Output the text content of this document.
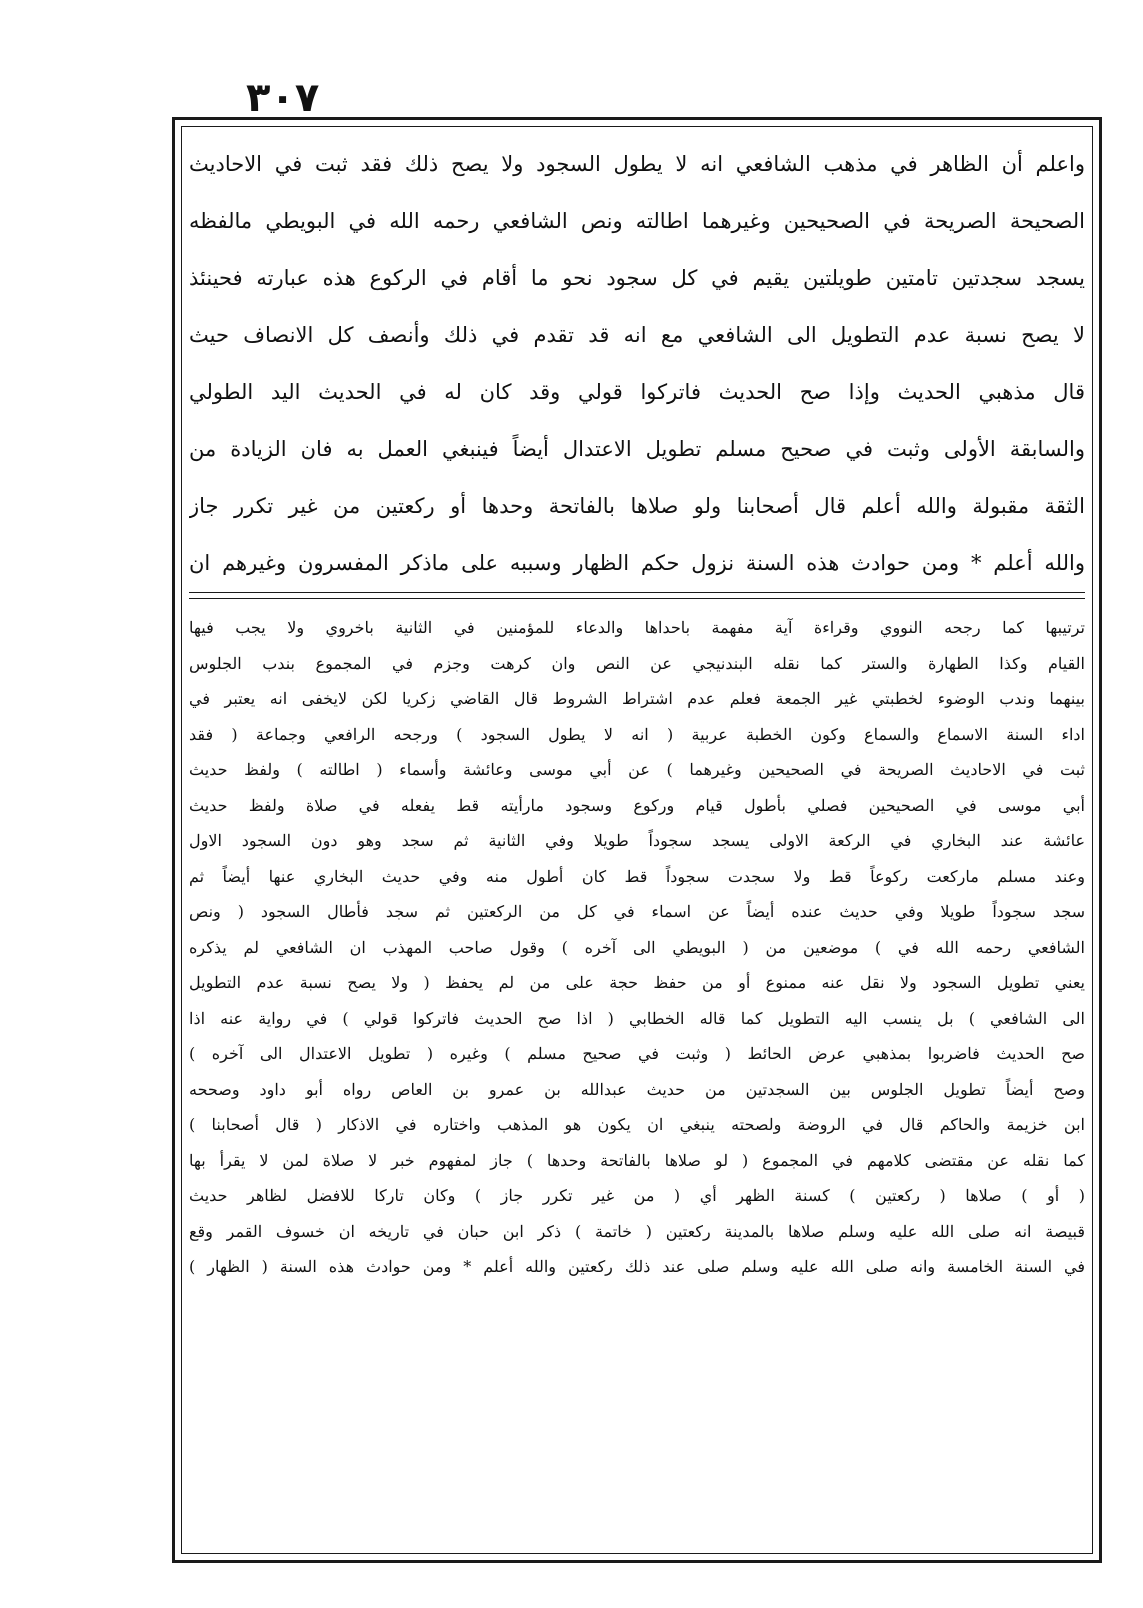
٣٠٧
واعلم أن الظاهر في مذهب الشافعي انه لا يطول السجود ولا يصح ذلك فقد ثبت في الاحاديث
الصحيحة الصريحة في الصحيحين وغيرهما اطالته ونص الشافعي رحمه الله في البويطي مالفظه
يسجد سجدتين تامتين طويلتين يقيم في كل سجود نحو ما أقام في الركوع هذه عبارته فحينئذ
لا يصح نسبة عدم التطويل الى الشافعي مع انه قد تقدم في ذلك وأنصف كل الانصاف حيث
قال مذهبي الحديث وإذا صح الحديث فاتركوا قولي وقد كان له في الحديث اليد الطولي
والسابقة الأولى وثبت في صحيح مسلم تطويل الاعتدال أيضاً فينبغي العمل به فان الزيادة من
الثقة مقبولة والله أعلم قال أصحابنا ولو صلاها بالفاتحة وحدها أو ركعتين من غير تكرر جاز
والله أعلم * ومن حوادث هذه السنة نزول حكم الظهار وسببه على ماذكر المفسرون وغيرهم ان
ترتيبها كما رجحه النووي وقراءة آية مفهمة باحداها والدعاء للمؤمنين في الثانية باخروي ولا يجب فيها
القيام وكذا الطهارة والستر كما نقله البندنيجي عن النص وان كرهت وجزم في المجموع بندب الجلوس
بينهما وندب الوضوء لخطبتي غير الجمعة فعلم عدم اشتراط الشروط قال القاضي زكريا لكن لايخفى انه يعتبر في
اداء السنة الاسماع والسماع وكون الخطبة عربية ( انه لا يطول السجود ) ورجحه الرافعي وجماعة ( فقد
ثبت في الاحاديث الصريحة في الصحيحين وغيرهما ) عن أبي موسى وعائشة وأسماء ( اطالته ) ولفظ حديث
أبي موسى في الصحيحين فصلي بأطول قيام وركوع وسجود مارأيته قط يفعله في صلاة ولفظ حديث
عائشة عند البخاري في الركعة الاولى يسجد سجوداً طويلا وفي الثانية ثم سجد وهو دون السجود الاول
وعند مسلم ماركعت ركوعاً قط ولا سجدت سجوداً قط كان أطول منه وفي حديث البخاري عنها أيضاً ثم
سجد سجوداً طويلا وفي حديث عنده أيضاً عن اسماء في كل من الركعتين ثم سجد فأطال السجود ( ونص
الشافعي رحمه الله في ) موضعين من ( البويطي الى آخره ) وقول صاحب المهذب ان الشافعي لم يذكره
يعني تطويل السجود ولا نقل عنه ممنوع أو من حفظ حجة على من لم يحفظ ( ولا يصح نسبة عدم التطويل
الى الشافعي ) بل ينسب اليه التطويل كما قاله الخطابي ( اذا صح الحديث فاتركوا قولي ) في رواية عنه اذا
صح الحديث فاضربوا بمذهبي عرض الحائط ( وثبت في صحيح مسلم ) وغيره ( تطويل الاعتدال الى آخره )
وصح أيضاً تطويل الجلوس بين السجدتين من حديث عبدالله بن عمرو بن العاص رواه أبو داود وصححه
ابن خزيمة والحاكم قال في الروضة ولصحته ينبغي ان يكون هو المذهب واختاره في الاذكار ( قال أصحابنا )
كما نقله عن مقتضى كلامهم في المجموع ( لو صلاها بالفاتحة وحدها ) جاز لمفهوم خبر لا صلاة لمن لا يقرأ بها
( أو ) صلاها ( ركعتين ) كسنة الظهر أي ( من غير تكرر جاز ) وكان تاركا للافضل لظاهر حديث
قبيصة انه صلى الله عليه وسلم صلاها بالمدينة ركعتين ( خاتمة ) ذكر ابن حبان في تاريخه ان خسوف القمر وقع
في السنة الخامسة وانه صلى الله عليه وسلم صلى عند ذلك ركعتين والله أعلم * ومن حوادث هذه السنة ( الظهار )
